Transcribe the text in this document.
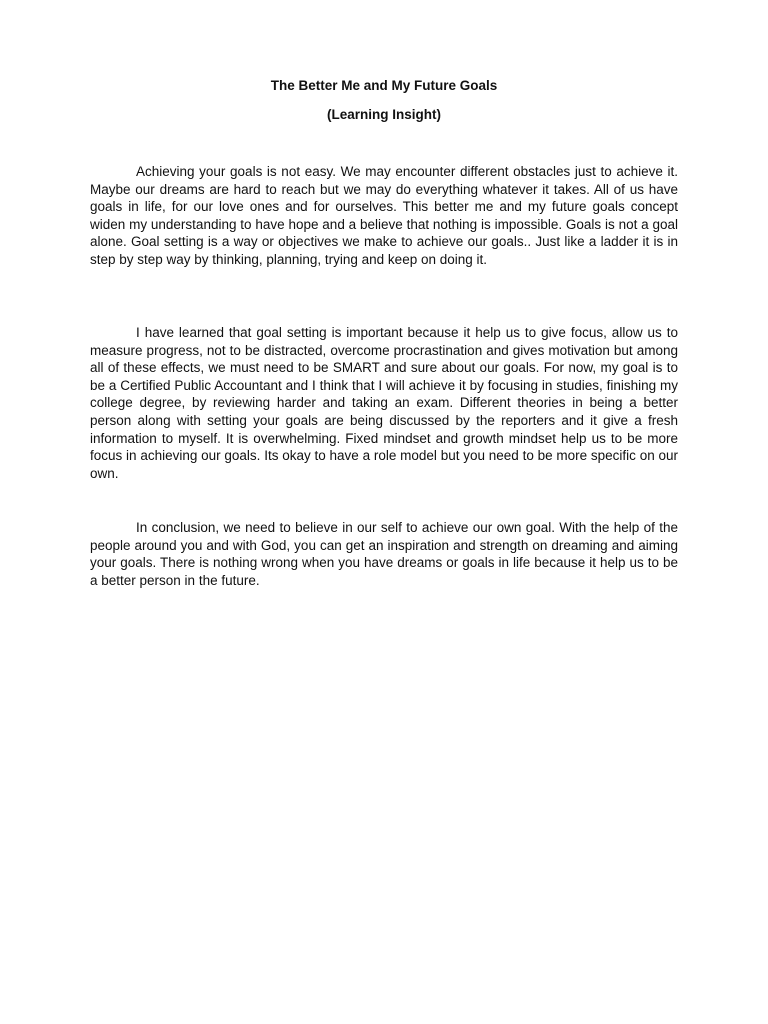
The Better Me and My Future Goals
(Learning Insight)

Achieving your goals is not easy. We may encounter different obstacles just to achieve it. Maybe our dreams are hard to reach but we may do everything whatever it takes. All of us have goals in life, for our love ones and for ourselves. This better me and my future goals concept widen my understanding to have hope and a believe that nothing is impossible. Goals is not a goal alone. Goal setting is a way or objectives we make to achieve our goals.. Just like a ladder it is in step by step way by thinking, planning, trying and keep on doing it.

I have learned that goal setting is important because it help us to give focus, allow us to measure progress, not to be distracted, overcome procrastination and gives motivation but among all of these effects, we must need to be SMART and sure about our goals. For now, my goal is to be a Certified Public Accountant and I think that I will achieve it by focusing in studies, finishing my college degree, by reviewing harder and taking an exam. Different theories in being a better person along with setting your goals are being discussed by the reporters and it give a fresh information to myself. It is overwhelming. Fixed mindset and growth mindset help us to be more focus in achieving our goals. Its okay to have a role model but you need to be more specific on our own.

In conclusion, we need to believe in our self to achieve our own goal. With the help of the people around you and with God, you can get an inspiration and strength on dreaming and aiming your goals. There is nothing wrong when you have dreams or goals in life because it help us to be a better person in the future.
